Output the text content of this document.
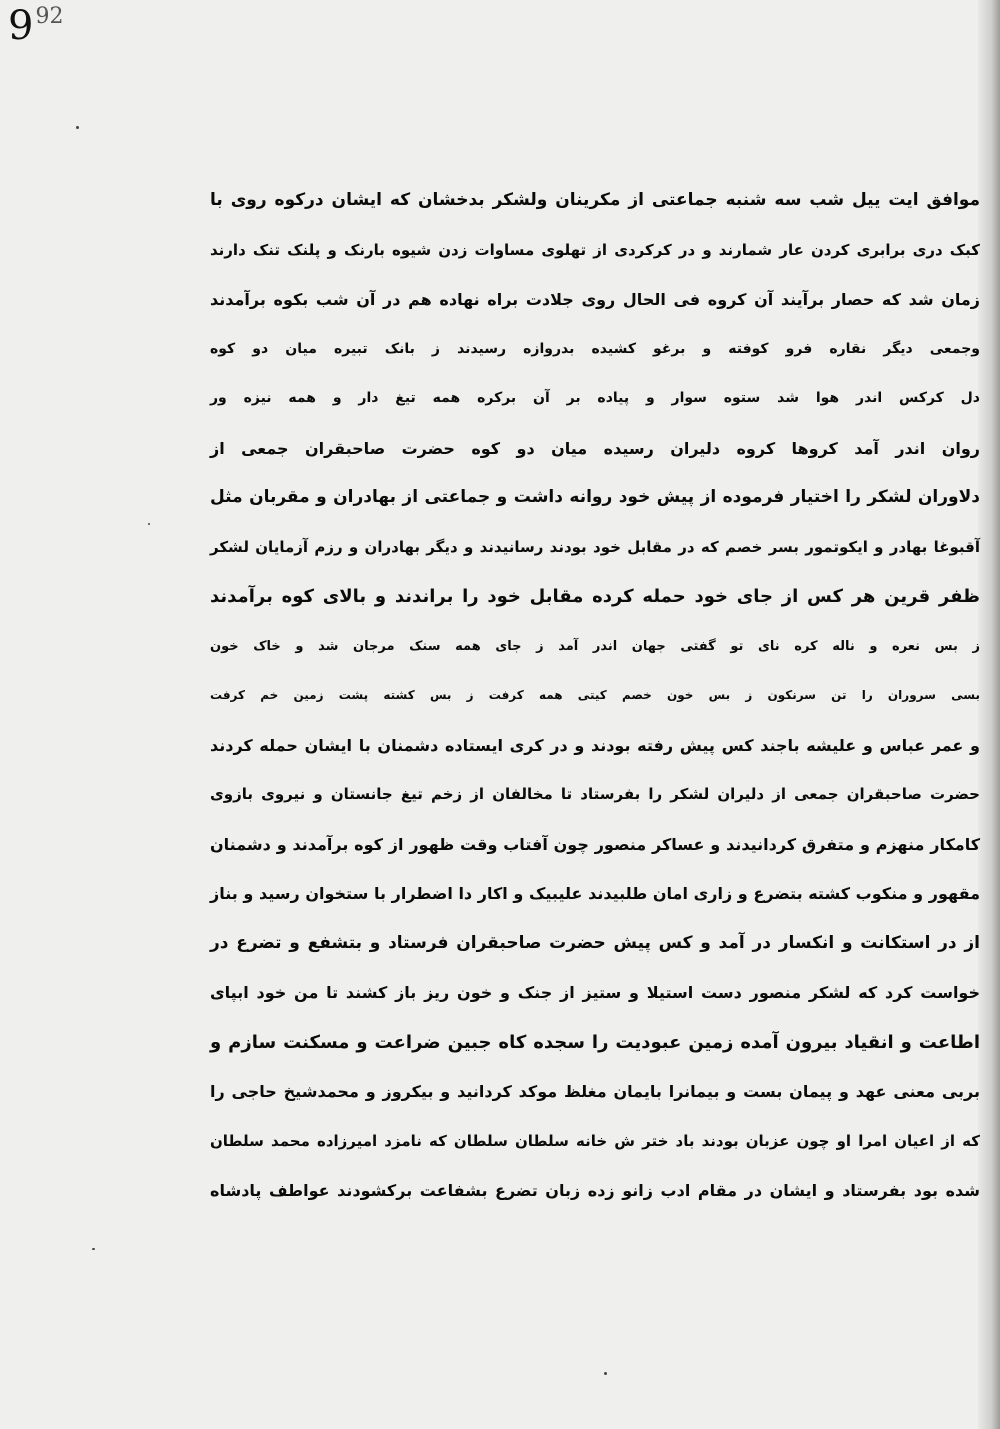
992
موافق ایت ییل شب سه شنبه جماعتی از مکرینان ولشکر بدخشان که ایشان درکوه روی با
کبک دری برابری کردن عار شمارند و در کرکردی از تهلوی مساوات زدن شیوه بارنک و پلنک تنک دارند
زمان شد که حصار برآیند آن کروه فی الحال روی جلادت براه نهاده هم در آن شب بکوه برآمدند
وجمعی دیگر نقاره فرو کوفته و برغو کشیده بدروازه رسیدند ز بانک تبیره میان دو کوه
دل کرکس اندر هوا شد ستوه سوار و پیاده بر آن برکره همه تیغ دار و همه نیزه ور
روان اندر آمد کروها کروه دلیران رسیده میان دو کوه حضرت صاحبقران جمعی از
دلاوران لشکر را اختیار فرموده از پیش خود روانه داشت و جماعتی از بهادران و مقربان مثل
آقبوغا بهادر و ایکوتمور بسر خصم که در مقابل خود بودند رسانیدند و دیگر بهادران و رزم آزمایان لشکر
ظفر قرین هر کس از جای خود حمله کرده مقابل خود را براندند و بالای کوه برآمدند
ز بس نعره و ناله کره نای تو گفتی جهان اندر آمد ز جای همه سنک مرجان شد و خاک خون
بسی سروران را تن سرنکون ز بس خون خصم کیتی همه کرفت ز بس کشته پشت زمین خم کرفت
و عمر عباس و علیشه باجند کس پیش رفته بودند و در کری ایستاده دشمنان با ایشان حمله کردند
حضرت صاحبقران جمعی از دلیران لشکر را بفرستاد تا مخالفان از زخم تیغ جانستان و نیروی بازوی
کامکار منهزم و متفرق کردانیدند و عساکر منصور چون آفتاب وقت ظهور از کوه برآمدند و دشمنان
مقهور و منکوب کشته بتضرع و زاری امان طلبیدند علیبیک و اکار دا اضطرار با ستخوان رسید و بناز
از در استکانت و انکسار در آمد و کس پیش حضرت صاحبقران فرستاد و بتشفع و تضرع در
خواست کرد که لشکر منصور دست استیلا و ستیز از جنک و خون ریز باز کشند تا من خود ابپای
اطاعت و انقیاد بیرون آمده زمین عبودیت را سجده کاه جبین ضراعت و مسکنت سازم و
بربی معنی عهد و پیمان بست و بیمانرا بایمان مغلظ موکد کردانید و بیکروز و محمدشیخ حاجی را
که از اعیان امرا او چون عزبان بودند باد ختر ش خانه سلطان سلطان که نامزد امیرزاده محمد سلطان
شده بود بفرستاد و ایشان در مقام ادب زانو زده زبان تضرع بشفاعت برکشودند عواطف پادشاه
